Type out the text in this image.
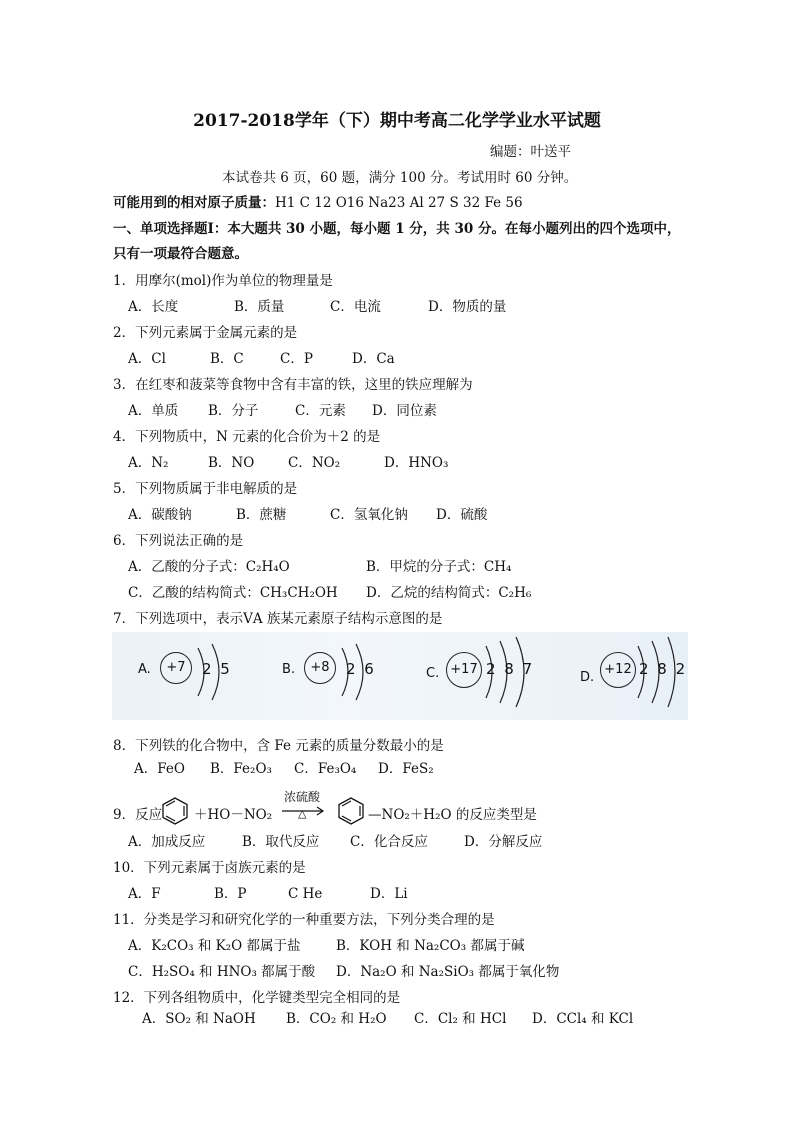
2017-2018学年（下）期中考高二化学学业水平试题
编题：叶送平
本试卷共 6 页，60 题，满分 100 分。考试用时 60 分钟。
可能用到的相对原子质量：H1 C 12 O16 Na23 Al 27 S 32 Fe 56
一、单项选择题Ⅰ：本大题共 30 小题，每小题 1 分，共 30 分。在每小题列出的四个选项中，
只有一项最符合题意。
1．用摩尔(mol)作为单位的物理量是
A．长度	B．质量	C．电流	D．物质的量
2．下列元素属于金属元素的是
A．Cl	B．C	C．P	D．Ca
3．在红枣和菠菜等食物中含有丰富的铁，这里的铁应理解为
A．单质 B．分子	C．元素 D．同位素
4．下列物质中，N 元素的化合价为＋2 的是
A．N₂	B．NO C．NO₂	D．HNO₃
5．下列物质属于非电解质的是
A．碳酸钠	B．蔗糖	C．氢氧化钠 D．硫酸
6．下列说法正确的是
A．乙酸的分子式：C₂H₄O	B．甲烷的分子式：CH₄
C．乙酸的结构简式：CH₃CH₂OH D．乙烷的结构简式：C₂H₆
7．下列选项中，表示ⅤA 族某元素原子结构示意图的是
A.	+7	2 5	B.	+8	2 6	C. +17 2 8 7	D.
+12 2 8 2
8．下列铁的化合物中，含 Fe 元素的质量分数最小的是
A．FeO B．Fe₂O₃ C．Fe₃O₄ D．FeS₂
9．反应 ＋HO－NO₂
浓硫酸
△	—NO₂＋H₂O 的反应类型是
A．加成反应	B．取代反应 C．化合反应	D．分解反应
10．下列元素属于卤族元素的是
A．F	B．P	C He	D．Li
11．分类是学习和研究化学的一种重要方法，下列分类合理的是
A．K₂CO₃ 和 K₂O 都属于盐	B．KOH 和 Na₂CO₃ 都属于碱
C．H₂SO₄ 和 HNO₃ 都属于酸 D．Na₂O 和 Na₂SiO₃ 都属于氧化物
12．下列各组物质中，化学键类型完全相同的是
A．SO₂ 和 NaOH B．CO₂ 和 H₂O C．Cl₂ 和 HCl D．CCl₄ 和 KCl
